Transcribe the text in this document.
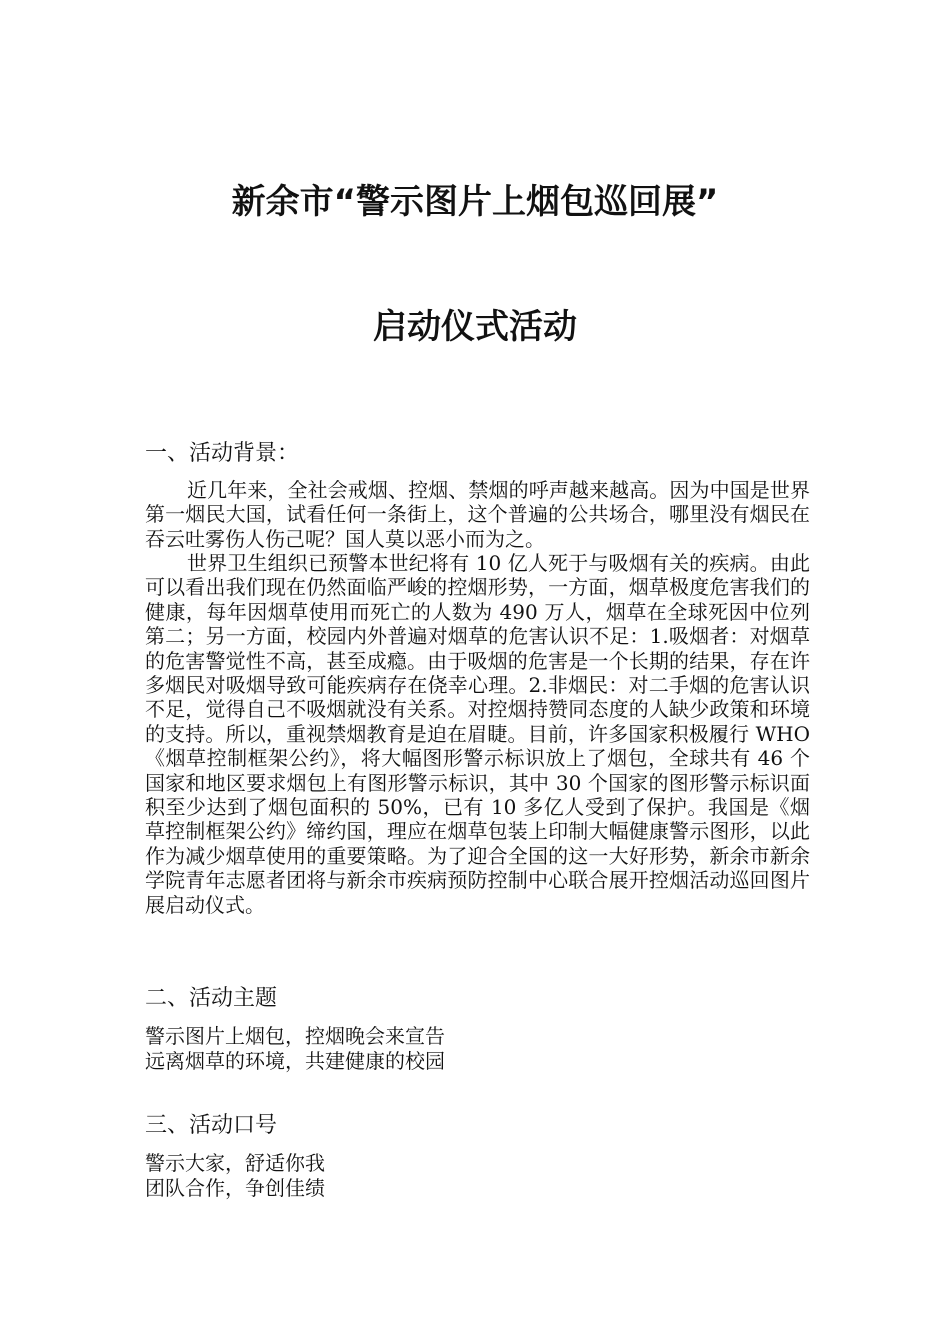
新余市“警示图片上烟包巡回展”
启动仪式活动
一、活动背景：

近几年来，全社会戒烟、控烟、禁烟的呼声越来越高。因为中国是世界第一烟民大国，试看任何一条街上，这个普遍的公共场合，哪里没有烟民在吞云吐雾伤人伤己呢？国人莫以恶小而为之。

世界卫生组织已预警本世纪将有 10 亿人死于与吸烟有关的疾病。由此可以看出我们现在仍然面临严峻的控烟形势，一方面，烟草极度危害我们的健康，每年因烟草使用而死亡的人数为 490 万人，烟草在全球死因中位列第二；另一方面，校园内外普遍对烟草的危害认识不足：1.吸烟者：对烟草的危害警觉性不高，甚至成瘾。由于吸烟的危害是一个长期的结果，存在许多烟民对吸烟导致可能疾病存在侥幸心理。2.非烟民：对二手烟的危害认识不足，觉得自己不吸烟就没有关系。对控烟持赞同态度的人缺少政策和环境的支持。所以，重视禁烟教育是迫在眉睫。目前，许多国家积极履行 WHO《烟草控制框架公约》，将大幅图形警示标识放上了烟包，全球共有 46 个国家和地区要求烟包上有图形警示标识，其中 30 个国家的图形警示标识面积至少达到了烟包面积的 50%，已有 10 多亿人受到了保护。我国是《烟草控制框架公约》缔约国，理应在烟草包装上印制大幅健康警示图形，以此作为减少烟草使用的重要策略。为了迎合全国的这一大好形势，新余市新余学院青年志愿者团将与新余市疾病预防控制中心联合展开控烟活动巡回图片展启动仪式。

二、活动主题
警示图片上烟包，控烟晚会来宣告
远离烟草的环境，共建健康的校园
三、活动口号
警示大家，舒适你我
团队合作，争创佳绩
